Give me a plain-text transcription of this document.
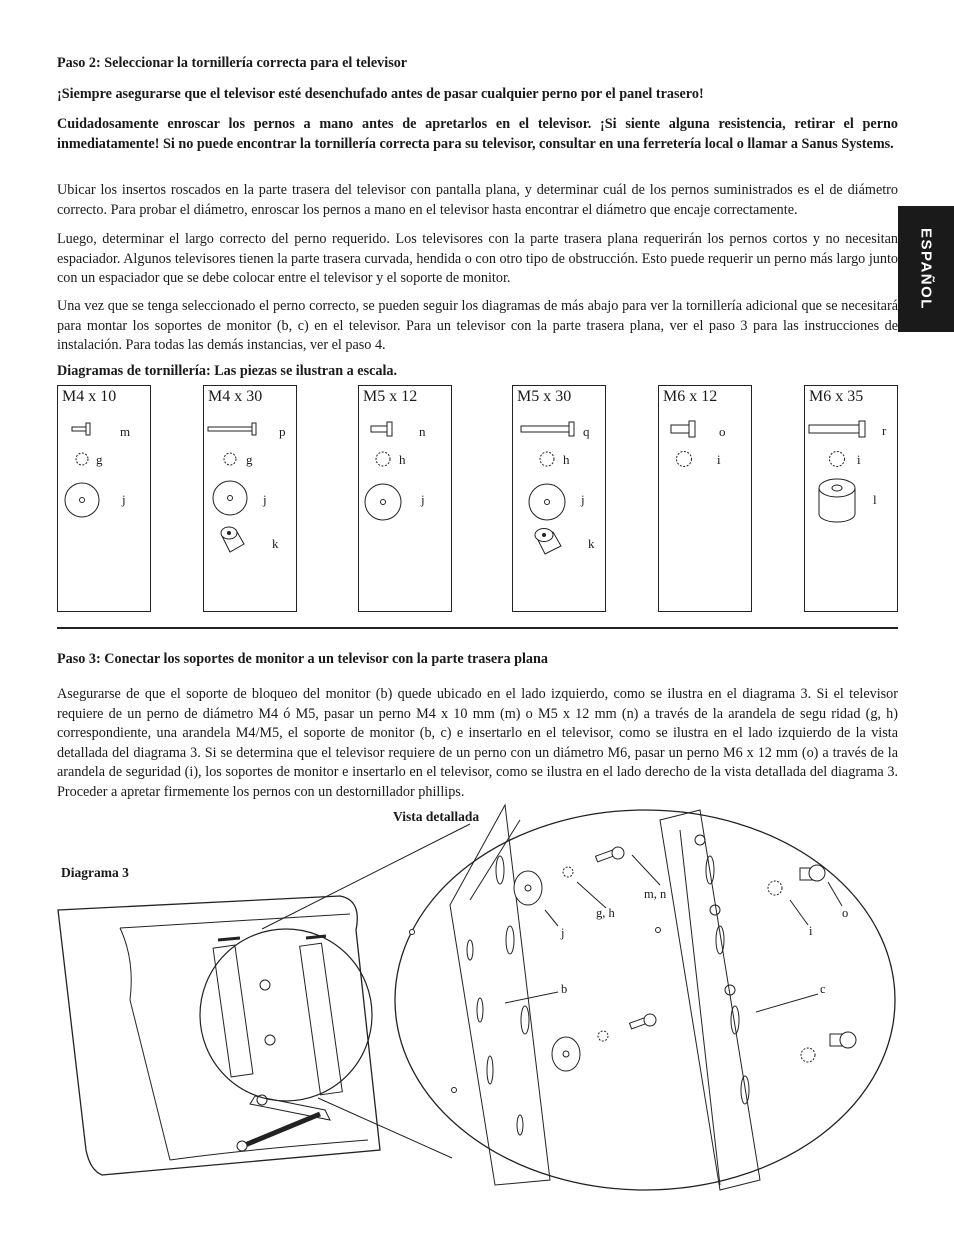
ESPAÑOL

Paso 2: Seleccionar la tornillería correcta para el televisor

¡Siempre asegurarse que el televisor esté desenchufado antes de pasar cualquier perno por el panel trasero!

Cuidadosamente enroscar los pernos a mano antes de apretarlos en el televisor. ¡Si siente alguna resistencia, retirar el perno inmediatamente! Si no puede encontrar la tornillería correcta para su televisor, consultar en una ferretería local o llamar a Sanus Systems.

Ubicar los insertos roscados en la parte trasera del televisor con pantalla plana, y determinar cuál de los pernos suministrados es el de diámetro correcto. Para probar el diámetro, enroscar los pernos a mano en el televisor hasta encontrar el diámetro que encaje correctamente.

Luego, determinar el largo correcto del perno requerido. Los televisores con la parte trasera plana requerirán los pernos cortos y no necesitan espaciador. Algunos televisores tienen la parte trasera curvada, hendida o con otro tipo de obstrucción. Esto puede requerir un perno más largo junto con un espaciador que se debe colocar entre el televisor y el soporte de monitor.

Una vez que se tenga seleccionado el perno correcto, se pueden seguir los diagramas de más abajo para ver la tornillería adicional que se necesitará para montar los soportes de monitor (b, c) en el televisor. Para un televisor con la parte trasera plana, ver el paso 3 para las instrucciones de instalación. Para todas las demás instancias, ver el paso 4.

Diagramas de tornillería: Las piezas se ilustran a escala.

M4 x 10
m
g
j
M4 x 30
p
g
j
k
M5 x 12
n
h
j
M5 x 30
q
h
j
k
M6 x 12
o
i
M6 x 35
r
i
l

Paso 3: Conectar los soportes de monitor a un televisor con la parte trasera plana

Asegurarse de que el soporte de bloqueo del monitor (b) quede ubicado en el lado izquierdo, como se ilustra en el diagrama 3. Si el televisor requiere de un perno de diámetro M4 ó M5, pasar un perno M4 x 10 mm (m) o M5 x 12 mm (n) a través de la arandela de segu ridad (g, h) correspondiente, una arandela M4/M5, el soporte de monitor (b, c) e insertarlo en el televisor, como se ilustra en el lado izquierdo de la vista detallada del diagrama 3. Si se determina que el televisor requiere de un perno con un diámetro M6, pasar un perno M6 x 12 mm (o) a través de la arandela de seguridad (i), los soportes de monitor e insertarlo en el televisor, como se ilustra en el lado derecho de la vista detallada del diagrama 3. Proceder a apretar firmemente los pernos con un destornillador phillips.

Vista detallada
Diagrama 3
m, n
g, h
j	i
o
b	c
